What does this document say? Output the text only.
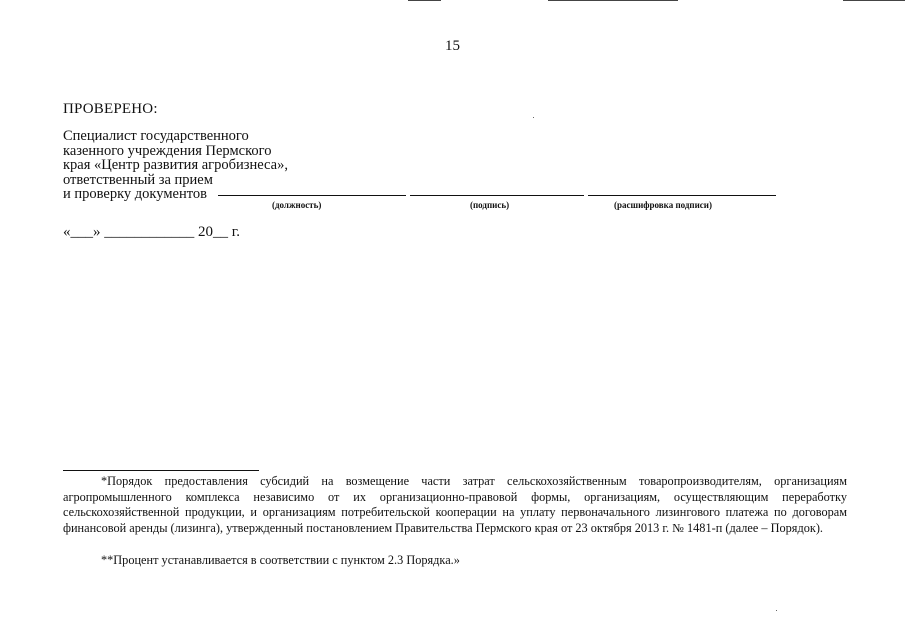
15
ПРОВЕРЕНО:
Специалист государственного
казенного учреждения Пермского
края «Центр развития агробизнеса»,
ответственный за прием
и проверку документов
(должность)	(подпись)	(расшифровка подписи)
«___» ____________ 20__ г.
*Порядок предоставления субсидий на возмещение части затрат сельскохозяйственным товаропроизводителям, организациям агропромышленного комплекса независимо от их организационно-правовой формы, организациям, осуществляющим переработку сельскохозяйственной продукции, и организациям потребительской кооперации на уплату первоначального лизингового платежа по договорам финансовой аренды (лизинга), утвержденный постановлением Правительства Пермского края от 23 октября 2013 г. № 1481-п (далее – Порядок).
**Процент устанавливается в соответствии с пунктом 2.3 Порядка.»
